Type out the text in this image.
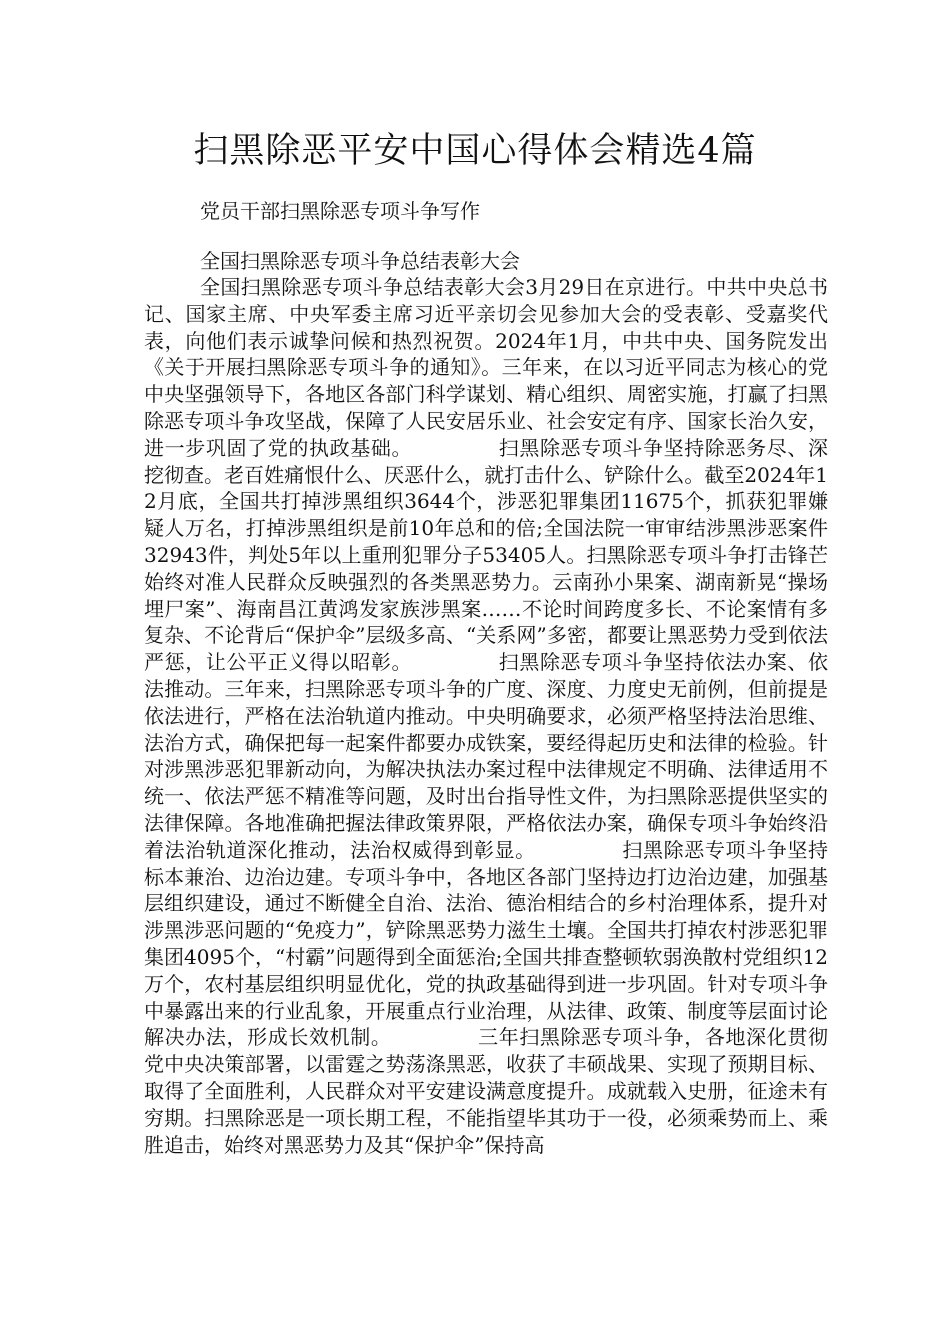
扫黑除恶平安中国心得体会精选4篇

党员干部扫黑除恶专项斗争写作

全国扫黑除恶专项斗争总结表彰大会

全国扫黑除恶专项斗争总结表彰大会3月29日在京进行。中共中央总书记、国家主席、中央军委主席习近平亲切会见参加大会的受表彰、受嘉奖代表，向他们表示诚挚问候和热烈祝贺。2024年1月，中共中央、国务院发出《关于开展扫黑除恶专项斗争的通知》。三年来，在以习近平同志为核心的党中央坚强领导下，各地区各部门科学谋划、精心组织、周密实施，打赢了扫黑除恶专项斗争攻坚战，保障了人民安居乐业、社会安定有序、国家长治久安，进一步巩固了党的执政基础。	扫黑除恶专项斗争坚持除恶务尽、深挖彻查。老百姓痛恨什么、厌恶什么，就打击什么、铲除什么。截至2024年12月底，全国共打掉涉黑组织3644个，涉恶犯罪集团11675个，抓获犯罪嫌疑人万名，打掉涉黑组织是前10年总和的倍;全国法院一审审结涉黑涉恶案件32943件，判处5年以上重刑犯罪分子53405人。扫黑除恶专项斗争打击锋芒始终对准人民群众反映强烈的各类黑恶势力。云南孙小果案、湖南新晃“操场埋尸案”、海南昌江黄鸿发家族涉黑案……不论时间跨度多长、不论案情有多复杂、不论背后“保护伞”层级多高、“关系网”多密，都要让黑恶势力受到依法严惩，让公平正义得以昭彰。	扫黑除恶专项斗争坚持依法办案、依法推动。三年来，扫黑除恶专项斗争的广度、深度、力度史无前例，但前提是依法进行，严格在法治轨道内推动。中央明确要求，必须严格坚持法治思维、法治方式，确保把每一起案件都要办成铁案，要经得起历史和法律的检验。针对涉黑涉恶犯罪新动向，为解决执法办案过程中法律规定不明确、法律适用不统一、依法严惩不精准等问题，及时出台指导性文件，为扫黑除恶提供坚实的法律保障。各地准确把握法律政策界限，严格依法办案，确保专项斗争始终沿着法治轨道深化推动，法治权威得到彰显。	扫黑除恶专项斗争坚持标本兼治、边治边建。专项斗争中，各地区各部门坚持边打边治边建，加强基层组织建设，通过不断健全自治、法治、德治相结合的乡村治理体系，提升对涉黑涉恶问题的“免疫力”，铲除黑恶势力滋生土壤。全国共打掉农村涉恶犯罪集团4095个，“村霸”问题得到全面惩治;全国共排查整顿软弱涣散村党组织12万个，农村基层组织明显优化，党的执政基础得到进一步巩固。针对专项斗争中暴露出来的行业乱象，开展重点行业治理，从法律、政策、制度等层面讨论解决办法，形成长效机制。	三年扫黑除恶专项斗争，各地深化贯彻党中央决策部署，以雷霆之势荡涤黑恶，收获了丰硕战果、实现了预期目标、取得了全面胜利，人民群众对平安建设满意度提升。成就载入史册，征途未有穷期。扫黑除恶是一项长期工程，不能指望毕其功于一役，必须乘势而上、乘胜追击，始终对黑恶势力及其“保护伞”保持高
